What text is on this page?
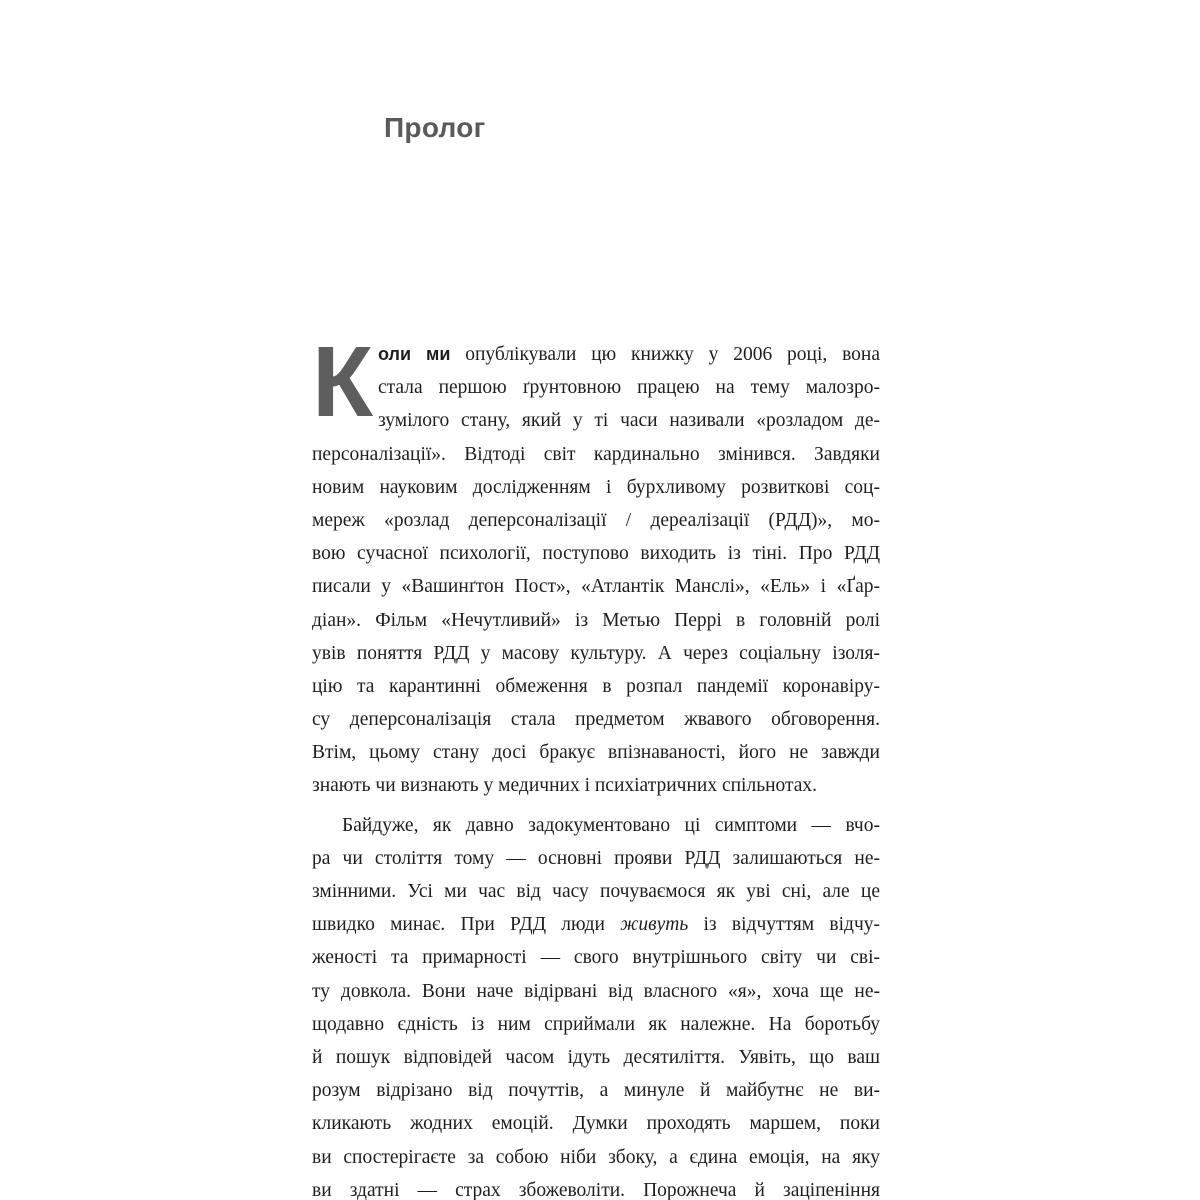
Пролог
К оли ми опублікували цю книжку у 2006 році, вона
стала першою ґрунтовною працею на тему малозро-
зумілого стану, який у ті часи називали «розладом де-
персоналізації». Відтоді світ кардинально змінився. Завдяки
новим науковим дослідженням і бурхливому розвиткові соц-
мереж «розлад деперсоналізації / дереалізації (РДД)», мо-
вою сучасної психології, поступово виходить із тіні. Про РДД
писали у «Вашинґтон Пост», «Атлантік Манслі», «Ель» і «Ґар-
діан». Фільм «Нечутливий» із Метью Перрі в головній ролі
увів поняття РДД у масову культуру. А через соціальну ізоля-
цію та карантинні обмеження в розпал пандемії коронавіру-
су деперсоналізація стала предметом жвавого обговорення.
Втім, цьому стану досі бракує впізнаваності, його не завжди
знають чи визнають у медичних і психіатричних спільнотах.
Байдуже, як давно задокументовано ці симптоми — вчо-
ра чи століття тому — основні прояви РДД залишаються не-
змінними. Усі ми час від часу почуваємося як уві сні, але це
швидко минає. При РДД люди живуть із відчуттям відчу-
женості та примарності — свого внутрішнього світу чи сві-
ту довкола. Вони наче відірвані від власного «я», хоча ще не-
щодавно єдність із ним сприймали як належне. На боротьбу
й пошук відповідей часом ідуть десятиліття. Уявіть, що ваш
розум відрізано від почуттів, а минуле й майбутнє не ви-
кликають жодних емоцій. Думки проходять маршем, поки
ви спостерігаєте за собою ніби збоку, а єдина емоція, на яку
ви здатні — страх збожеволіти. Порожнеча й заціпеніння
